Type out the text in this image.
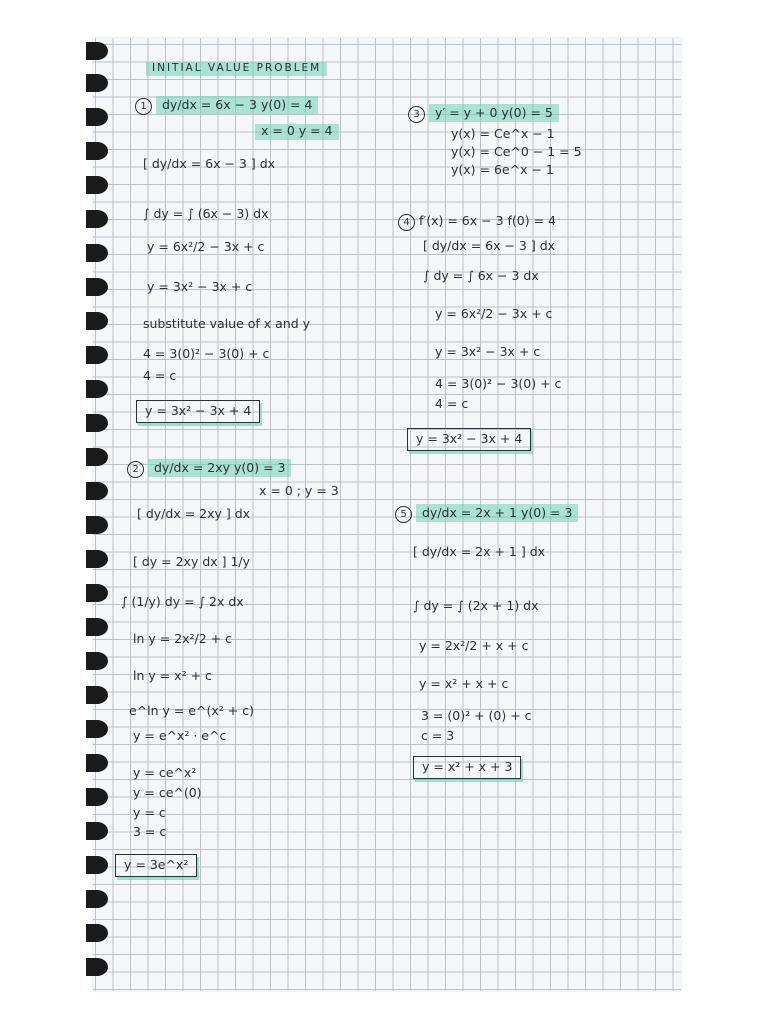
INITIAL VALUE PROBLEM
1 dy/dx = 6x − 3 y(0) = 4
x = 0 y = 4
[ dy/dx = 6x − 3 ] dx
∫ dy = ∫ (6x − 3) dx
y = 6x²/2 − 3x + c
y = 3x² − 3x + c
substitute value of x and y
4 = 3(0)² − 3(0) + c
4 = c
y = 3x² − 3x + 4
2 dy/dx = 2xy y(0) = 3
x = 0 ; y = 3
[ dy/dx = 2xy ] dx
[ dy = 2xy dx ] 1/y
∫ (1/y) dy = ∫ 2x dx
ln y = 2x²/2 + c
ln y = x² + c
e^ln y = e^(x² + c)
y = e^x² · e^c
y = ce^x²
y = ce^(0)
y = c
3 = c
y = 3e^x²
3 y′ = y + 0 y(0) = 5
y(x) = Ce^x − 1
y(x) = Ce^0 − 1 = 5
y(x) = 6e^x − 1
4 f′(x) = 6x − 3 f(0) = 4
[ dy/dx = 6x − 3 ] dx
∫ dy = ∫ 6x − 3 dx
y = 6x²/2 − 3x + c
y = 3x² − 3x + c
4 = 3(0)² − 3(0) + c
4 = c
y = 3x² − 3x + 4
5 dy/dx = 2x + 1 y(0) = 3
[ dy/dx = 2x + 1 ] dx
∫ dy = ∫ (2x + 1) dx
y = 2x²/2 + x + c
y = x² + x + c
3 = (0)² + (0) + c
c = 3
y = x² + x + 3
